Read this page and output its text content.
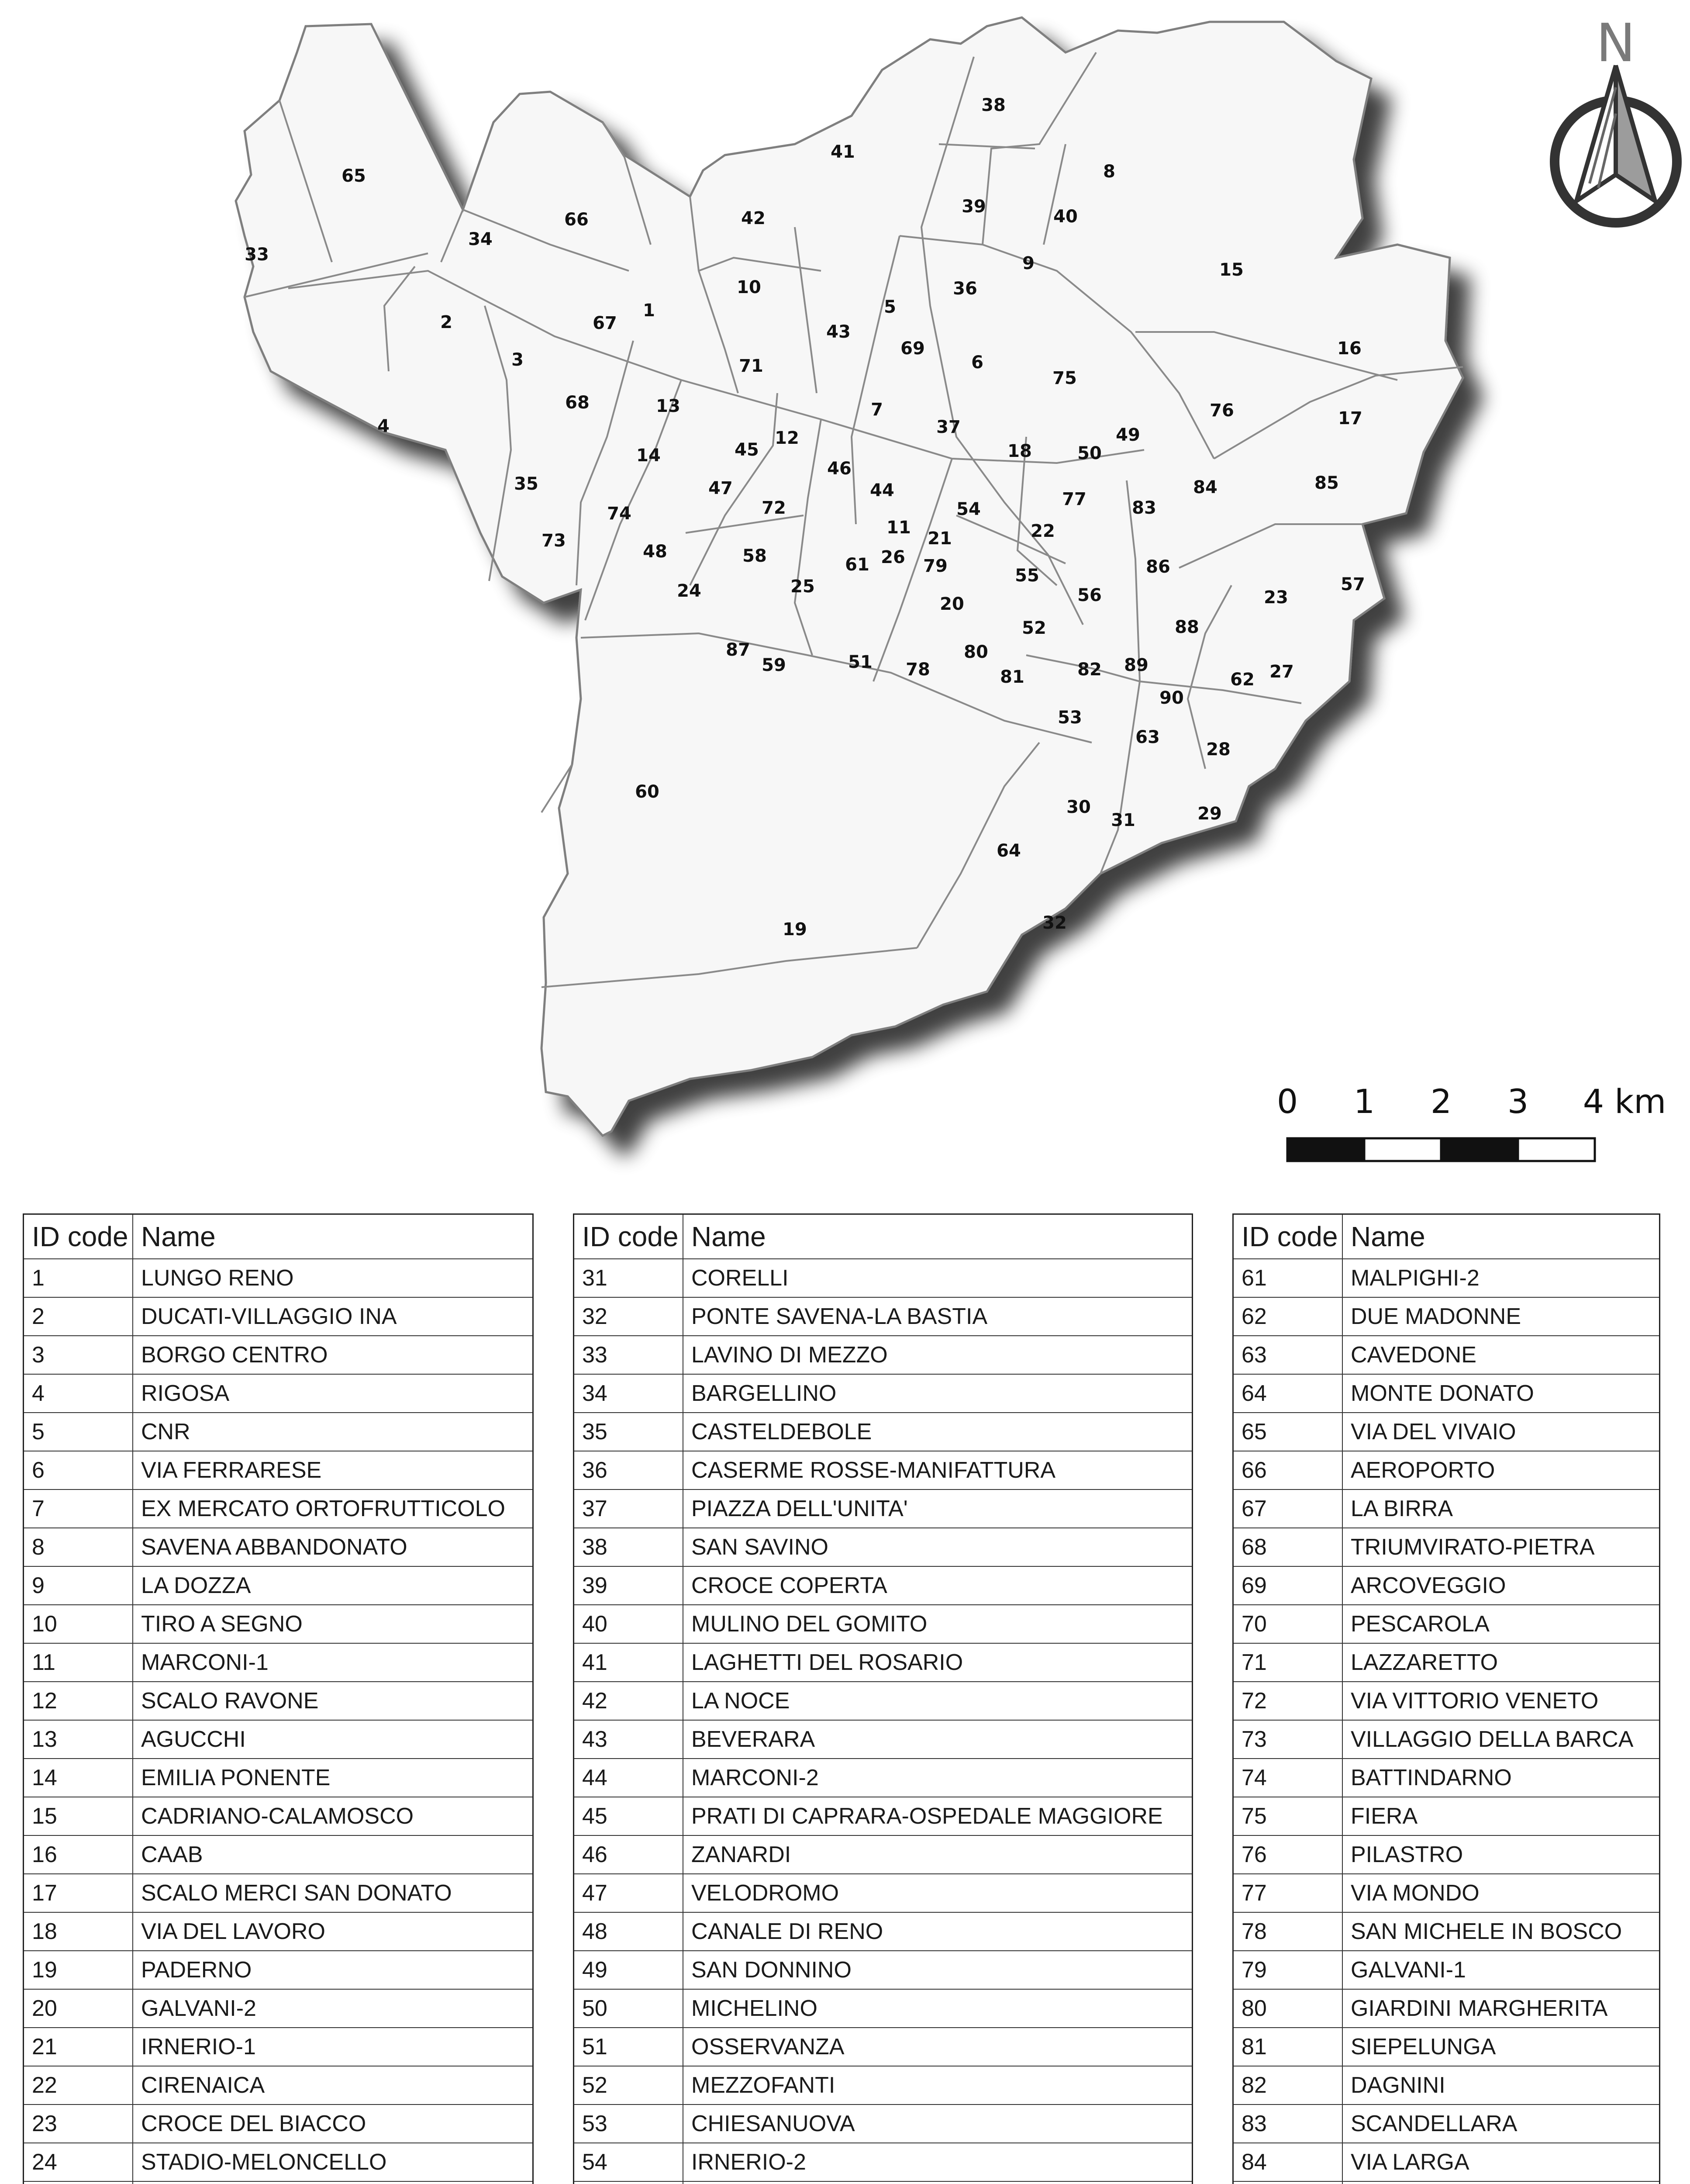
65
33
34
66
41
38
42
39
8
40
9	15
36
10
5
2	67
1
43
69
6
16
3	71
75
76
4
68	13	7
37	49
17
12
45	18	50
46
14
85
35	47	44	84
72
74	54	77	83
11
21
73	22
48	58	61 26 79	86
55
24	25	57
23
56
20
88
87
52
80
59	51 78	89	27
62
82
81
90
53
63
28
60
30
31	29
64
19	32
N
0 1 2 3 4 km
ID code	Name
1	LUNGO RENO
2	DUCATI-VILLAGGIO INA
3	BORGO CENTRO
4	RIGOSA
5	CNR
6	VIA FERRARESE
7	EX MERCATO ORTOFRUTTICOLO
8	SAVENA ABBANDONATO
9	LA DOZZA
10	TIRO A SEGNO
11	MARCONI-1
12	SCALO RAVONE
13	AGUCCHI
14	EMILIA PONENTE
15	CADRIANO-CALAMOSCO
16	CAAB
17	SCALO MERCI SAN DONATO
18	VIA DEL LAVORO
19	PADERNO
20	GALVANI-2
21	IRNERIO-1
22	CIRENAICA
23	CROCE DEL BIACCO
24	STADIO-MELONCELLO

ID code	Name
31	CORELLI
32	PONTE SAVENA-LA BASTIA
33	LAVINO DI MEZZO
34	BARGELLINO
35	CASTELDEBOLE
36	CASERME ROSSE-MANIFATTURA
37	PIAZZA DELL'UNITA'
38	SAN SAVINO
39	CROCE COPERTA
40	MULINO DEL GOMITO
41	LAGHETTI DEL ROSARIO
42	LA NOCE
43	BEVERARA
44	MARCONI-2
45	PRATI DI CAPRARA-OSPEDALE MAGGIORE
46	ZANARDI
47	VELODROMO
48	CANALE DI RENO
49	SAN DONNINO
50	MICHELINO
51	OSSERVANZA
52	MEZZOFANTI
53	CHIESANUOVA
54	IRNERIO-2

ID code	Name
61	MALPIGHI-2
62	DUE MADONNE
63	CAVEDONE
64	MONTE DONATO
65	VIA DEL VIVAIO
66	AEROPORTO
67	LA BIRRA
68	TRIUMVIRATO-PIETRA
69	ARCOVEGGIO
70	PESCAROLA
71	LAZZARETTO
72	VIA VITTORIO VENETO
73	VILLAGGIO DELLA BARCA
74	BATTINDARNO
75	FIERA
76	PILASTRO
77	VIA MONDO
78	SAN MICHELE IN BOSCO
79	GALVANI-1
80	GIARDINI MARGHERITA
81	SIEPELUNGA
82	DAGNINI
83	SCANDELLARA
84	VIA LARGA
